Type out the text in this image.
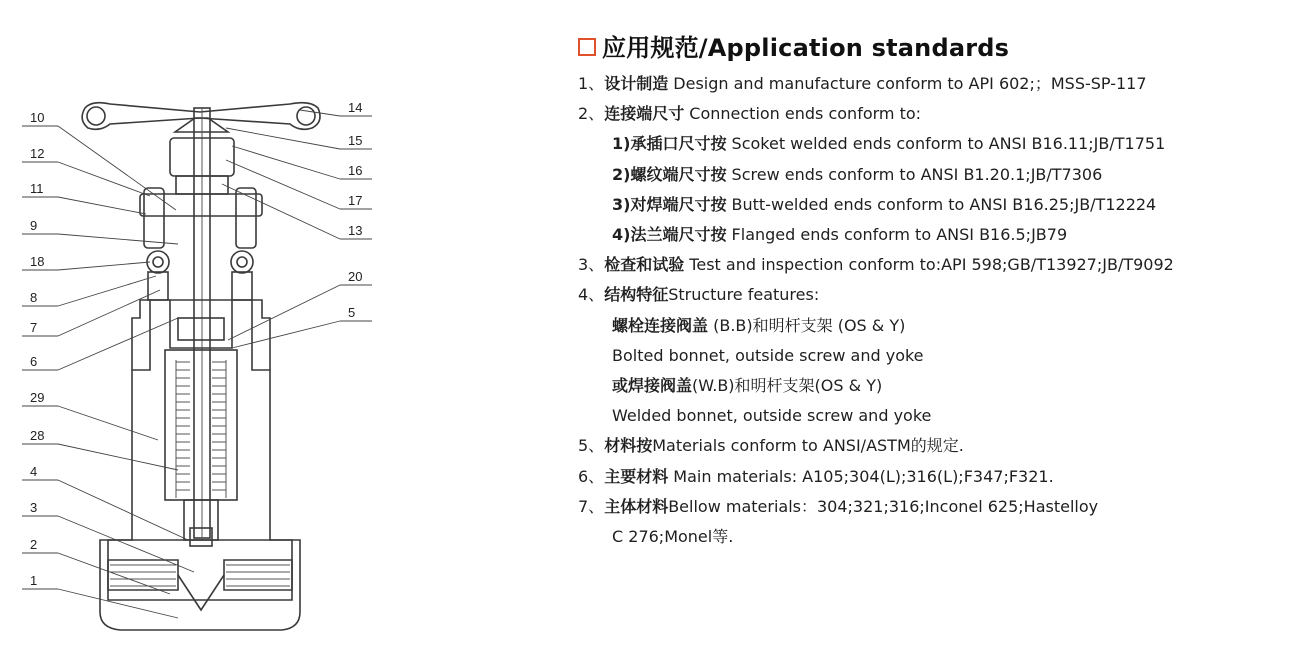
10
12
11
9
18
8
7
6
29
28
4
3
2
1
14
15
16
17
13
20
5
应用规范/Application standards
1、设计制造 Design and manufacture conform to API 602;；MSS-SP-117
2、连接端尺寸 Connection ends conform to:
1)承插口尺寸按 Scoket welded ends conform to ANSI B16.11;JB/T1751
2)螺纹端尺寸按 Screw ends conform to ANSI B1.20.1;JB/T7306
3)对焊端尺寸按 Butt-welded ends conform to ANSI B16.25;JB/T12224
4)法兰端尺寸按 Flanged ends conform to ANSI B16.5;JB79
3、检查和试验 Test and inspection conform to:API 598;GB/T13927;JB/T9092
4、结构特征Structure features:
螺栓连接阀盖 (B.B)和明杆支架 (OS & Y)
Bolted bonnet, outside screw and yoke
或焊接阀盖(W.B)和明杆支架(OS & Y)
Welded bonnet, outside screw and yoke
5、材料按Materials conform to ANSI/ASTM的规定.
6、主要材料 Main materials: A105;304(L);316(L);F347;F321.
7、主体材料Bellow materials：304;321;316;Inconel 625;Hastelloy
C 276;Monel等.
